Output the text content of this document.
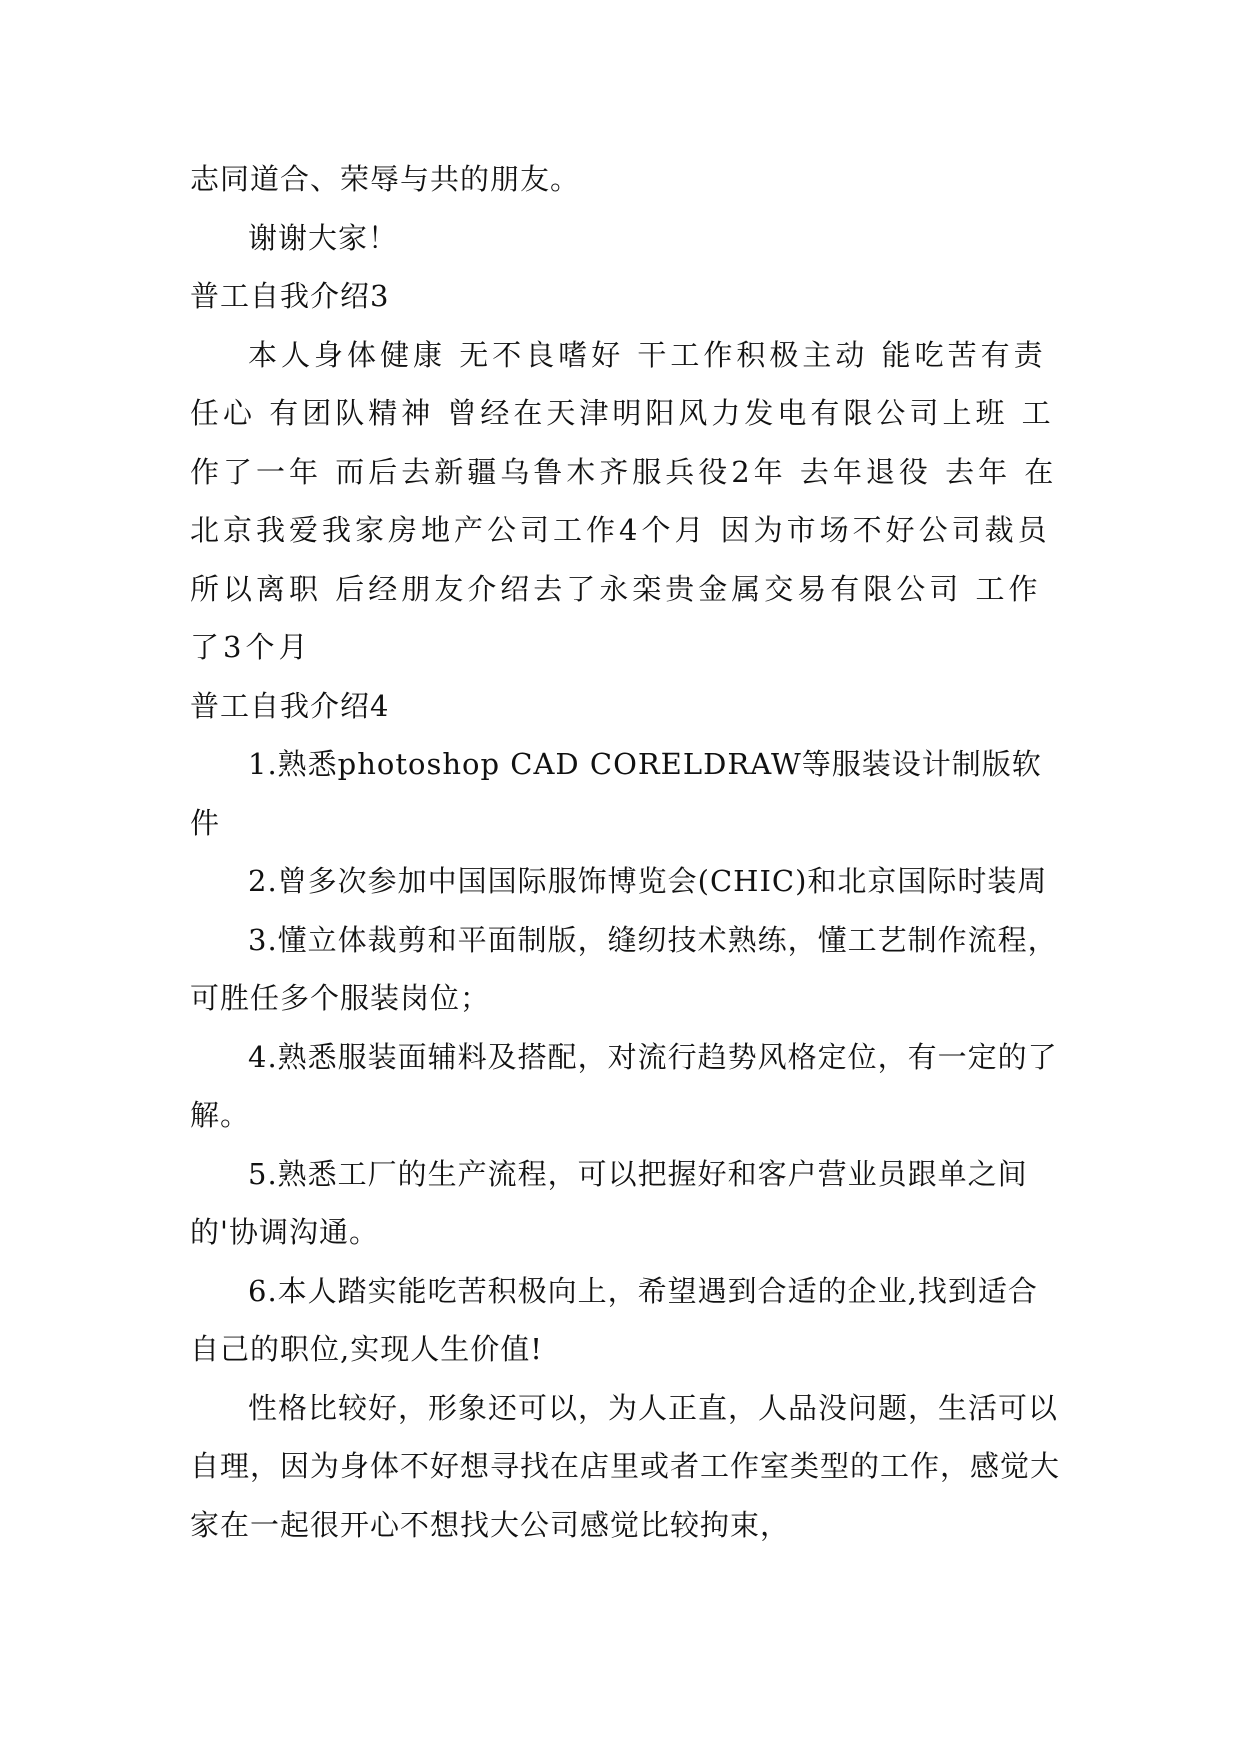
志同道合、荣辱与共的朋友。

谢谢大家！

普工自我介绍3

本人身体健康 无不良嗜好 干工作积极主动 能吃苦有责任心 有团队精神 曾经在天津明阳风力发电有限公司上班 工作了一年 而后去新疆乌鲁木齐服兵役2年 去年退役 去年 在北京我爱我家房地产公司工作4个月 因为市场不好公司裁员 所以离职 后经朋友介绍去了永栾贵金属交易有限公司 工作了3个月

普工自我介绍4

1.熟悉photoshop CAD CORELDRAW等服装设计制版软件

2.曾多次参加中国国际服饰博览会(CHIC)和北京国际时装周

3.懂立体裁剪和平面制版，缝纫技术熟练，懂工艺制作流程，可胜任多个服装岗位；

4.熟悉服装面辅料及搭配，对流行趋势风格定位，有一定的了解。

5.熟悉工厂的生产流程，可以把握好和客户营业员跟单之间的'协调沟通。

6.本人踏实能吃苦积极向上，希望遇到合适的企业,找到适合自己的职位,实现人生价值!

性格比较好，形象还可以，为人正直，人品没问题，生活可以自理，因为身体不好想寻找在店里或者工作室类型的工作，感觉大家在一起很开心不想找大公司感觉比较拘束，
